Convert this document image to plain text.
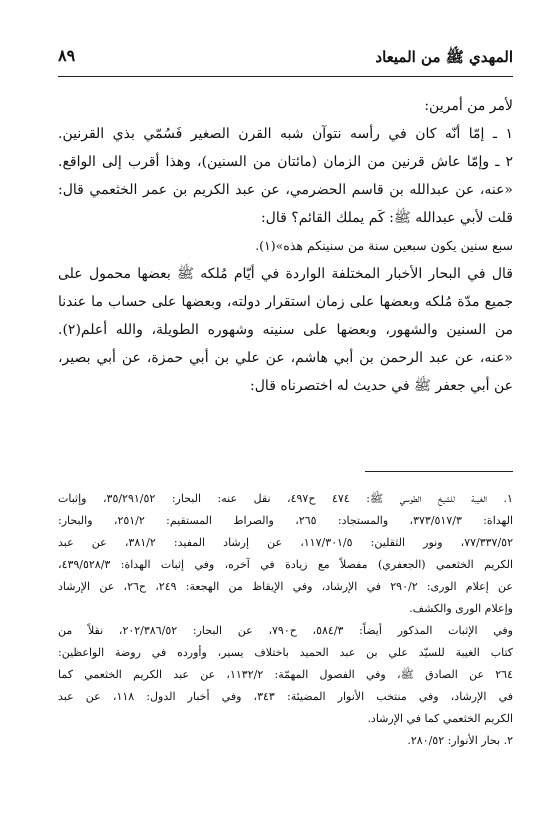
المهدي ﷺ من الميعاد
٨٩
لأمر من أمرين:
١ ـ إمّا أنّه كان في رأسه نتوآن شبه القرن الصغير فَسُمّي بذي القرنين.
٢ ـ وإمّا عاش قرنين من الزمان (مائتان من السنين)، وهذا أقرب إلى الواقع.
«عنه، عن عبدالله بن قاسم الحضرمي، عن عبد الكريم بن عمر الخثعمي قال:
قلت لأبي عبدالله ﷺ: كَم يملك القائم؟ قال:
سبع سنين يكون سبعين سنة من سنينكم هذه»(١).
قال في البحار الأخبار المختلفة الواردة في أيّام مُلكه ﷺ بعضها محمول على
جميع مدّة مُلكه وبعضها على زمان استقرار دولته، وبعضها على حساب ما عندنا
من السنين والشهور، وبعضها على سنينه وشهوره الطويلة، والله أعلم(٢).
«عنه، عن عبد الرحمن بن أبي هاشم، عن علي بن أبي حمزة، عن أبي بصير،
عن أبي جعفر ﷺ في حديث له اختصرناه قال:
١. الغيبة للشيخ الطوسي ﷺ: ٤٧٤ ح٤٩٧، نقل عنه: البحار: ٣٥/٢٩١/٥٢، وإثبات
الهداة: ٣٧٣/٥١٧/٣، والمستجاد: ٢٦٥، والصراط المستقيم: ٢٥١/٢، والبحار:
٧٧/٣٣٧/٥٢، ونور الثقلين: ١١٧/٣٠١/٥، عن إرشاد المفيد: ٣٨١/٢، عن عبد
الكريم الخثعمي (الجعفري) مفصلاً مع زيادة في آخره، وفي إثبات الهداة: ٤٣٩/٥٢٨/٣،
عن إعلام الورى: ٢٩٠/٢ في الإرشاد، وفي الإيقاظ من الهجعة: ٢٤٩، ح٢٦، عن الإرشاد
وإعلام الورى والكشف.
وفي الإثبات المذكور أيضاً: ٥٨٤/٣، ح٧٩٠، عن البحار: ٢٠٢/٣٨٦/٥٢، نقلاً من
كتاب الغيبة للسيّد علي بن عبد الحميد باختلاف يسير، وأورده في روضة الواعظين:
٢٦٤ عن الصادق ﷺ، وفي الفصول المهمّة: ١١٣٢/٢، عن عبد الكريم الخثعمي كما
في الإرشاد، وفي منتخب الأنوار المضيئة: ٣٤٣، وفي أخبار الدول: ١١٨، عن عبد
الكريم الخثعمي كما في الإرشاد.
٢. بحار الأنوار: ٢٨٠/٥٢.
